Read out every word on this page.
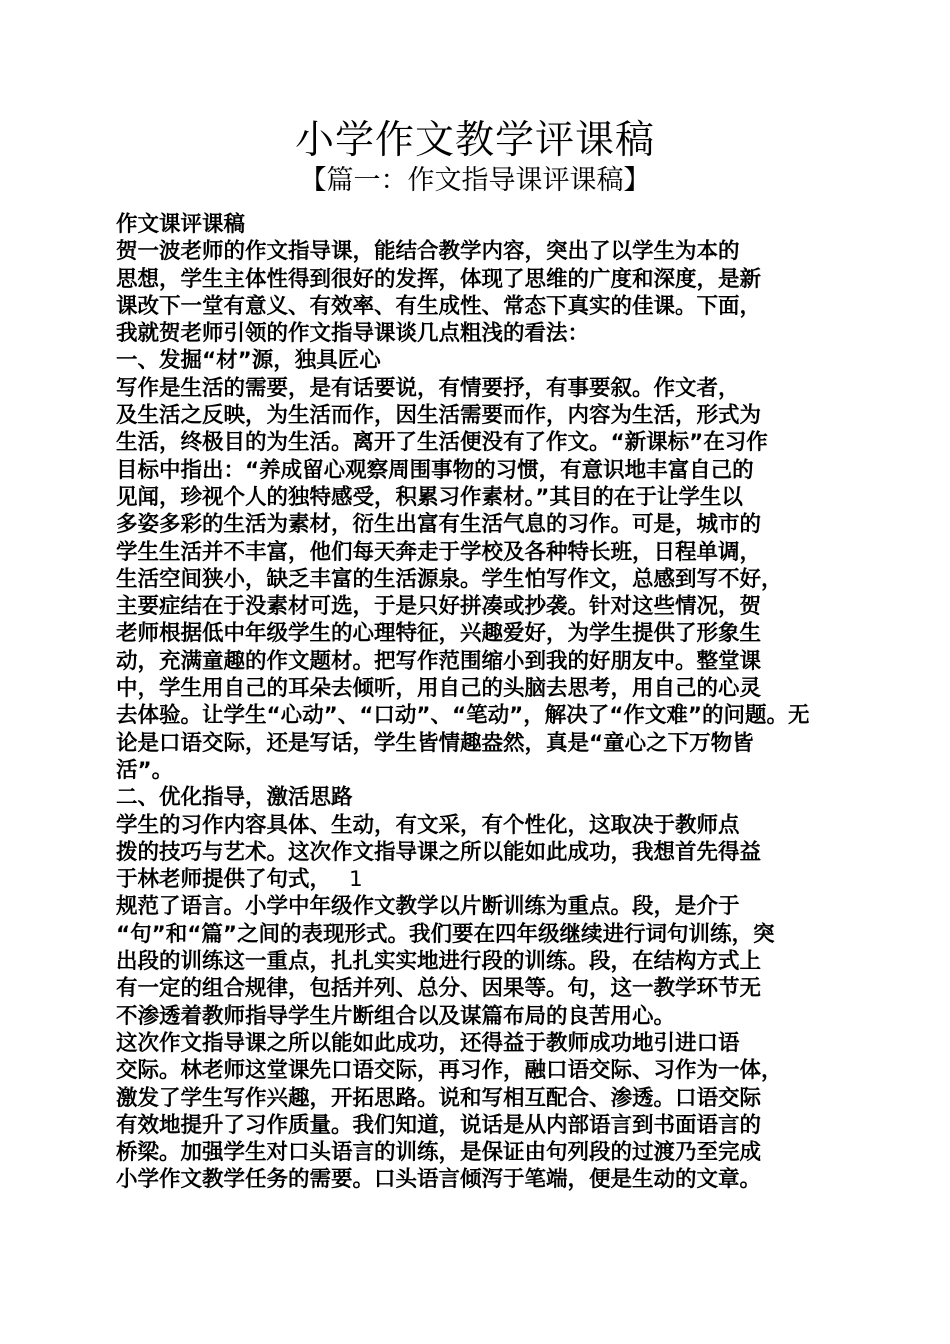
小学作文教学评课稿
【篇一：作文指导课评课稿】
作文课评课稿
贺一波老师的作文指导课，能结合教学内容，突出了以学生为本的
思想，学生主体性得到很好的发挥，体现了思维的广度和深度，是新
课改下一堂有意义、有效率、有生成性、常态下真实的佳课。下面，
我就贺老师引领的作文指导课谈几点粗浅的看法：
一、发掘“材”源，独具匠心
写作是生活的需要，是有话要说，有情要抒，有事要叙。作文者，
及生活之反映，为生活而作，因生活需要而作，内容为生活，形式为
生活，终极目的为生活。离开了生活便没有了作文。“新课标”在习作
目标中指出：“养成留心观察周围事物的习惯，有意识地丰富自己的
见闻，珍视个人的独特感受，积累习作素材。”其目的在于让学生以
多姿多彩的生活为素材，衍生出富有生活气息的习作。可是，城市的
学生生活并不丰富，他们每天奔走于学校及各种特长班，日程单调，
生活空间狭小，缺乏丰富的生活源泉。学生怕写作文，总感到写不好，
主要症结在于没素材可选，于是只好拼凑或抄袭。针对这些情况，贺
老师根据低中年级学生的心理特征，兴趣爱好，为学生提供了形象生
动，充满童趣的作文题材。把写作范围缩小到我的好朋友中。整堂课
中，学生用自己的耳朵去倾听，用自己的头脑去思考，用自己的心灵
去体验。让学生“心动”、“口动”、“笔动”，解决了“作文难”的问题。无
论是口语交际，还是写话，学生皆情趣盎然，真是“童心之下万物皆
活”。
二、优化指导，激活思路
学生的习作内容具体、生动，有文采，有个性化，这取决于教师点
拨的技巧与艺术。这次作文指导课之所以能如此成功，我想首先得益
于林老师提供了句式， 1
规范了语言。小学中年级作文教学以片断训练为重点。段，是介于
“句”和“篇”之间的表现形式。我们要在四年级继续进行词句训练，突
出段的训练这一重点，扎扎实实地进行段的训练。段，在结构方式上
有一定的组合规律，包括并列、总分、因果等。句，这一教学环节无
不渗透着教师指导学生片断组合以及谋篇布局的良苦用心。
这次作文指导课之所以能如此成功，还得益于教师成功地引进口语
交际。林老师这堂课先口语交际，再习作，融口语交际、习作为一体，
激发了学生写作兴趣，开拓思路。说和写相互配合、渗透。口语交际
有效地提升了习作质量。我们知道，说话是从内部语言到书面语言的
桥梁。加强学生对口头语言的训练，是保证由句列段的过渡乃至完成
小学作文教学任务的需要。口头语言倾泻于笔端，便是生动的文章。
